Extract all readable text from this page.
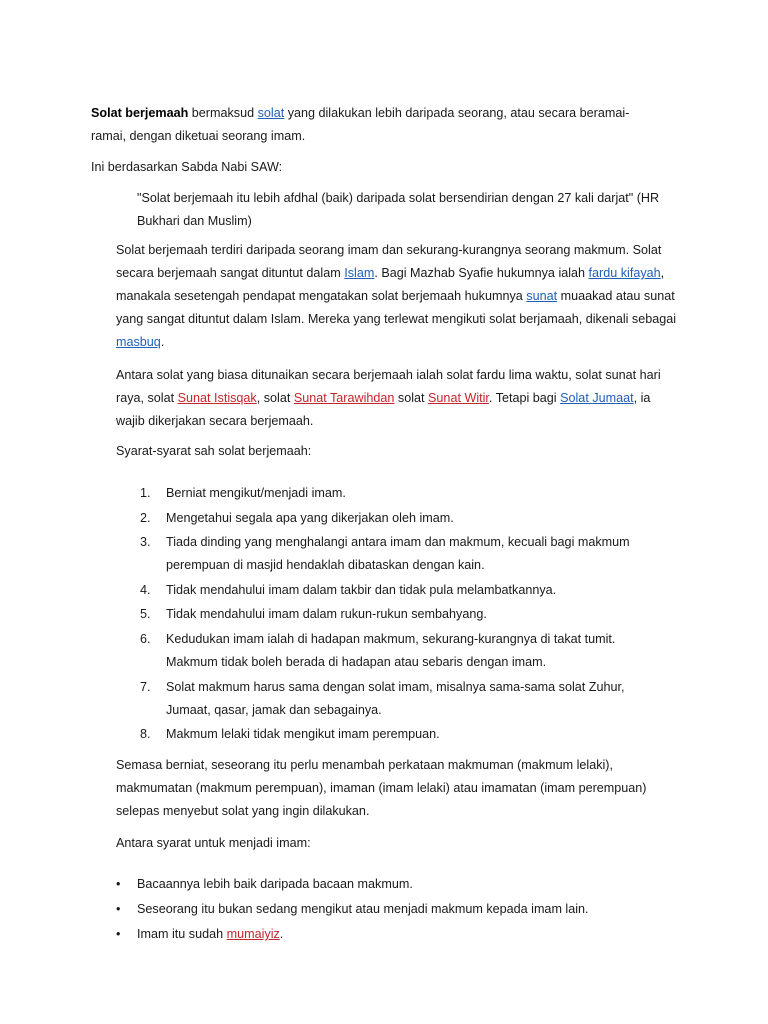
Solat berjemaah bermaksud solat yang dilakukan lebih daripada seorang, atau secara beramai-ramai, dengan diketuai seorang imam.

Ini berdasarkan Sabda Nabi SAW:

"Solat berjemaah itu lebih afdhal (baik) daripada solat bersendirian dengan 27 kali darjat" (HR Bukhari dan Muslim)

Solat berjemaah terdiri daripada seorang imam dan sekurang-kurangnya seorang makmum. Solat secara berjemaah sangat dituntut dalam Islam. Bagi Mazhab Syafie hukumnya ialah fardu kifayah, manakala sesetengah pendapat mengatakan solat berjemaah hukumnya sunat muaakad atau sunat yang sangat dituntut dalam Islam. Mereka yang terlewat mengikuti solat berjamaah, dikenali sebagai masbuq.

Antara solat yang biasa ditunaikan secara berjemaah ialah solat fardu lima waktu, solat sunat hari raya, solat Sunat Istisqak, solat Sunat Tarawihdan solat Sunat Witir. Tetapi bagi Solat Jumaat, ia wajib dikerjakan secara berjemaah.

Syarat-syarat sah solat berjemaah:

1. Berniat mengikut/menjadi imam.
2. Mengetahui segala apa yang dikerjakan oleh imam.
3. Tiada dinding yang menghalangi antara imam dan makmum, kecuali bagi makmum perempuan di masjid hendaklah dibataskan dengan kain.
4. Tidak mendahului imam dalam takbir dan tidak pula melambatkannya.
5. Tidak mendahului imam dalam rukun-rukun sembahyang.
6. Kedudukan imam ialah di hadapan makmum, sekurang-kurangnya di takat tumit. Makmum tidak boleh berada di hadapan atau sebaris dengan imam.
7. Solat makmum harus sama dengan solat imam, misalnya sama-sama solat Zuhur, Jumaat, qasar, jamak dan sebagainya.
8. Makmum lelaki tidak mengikut imam perempuan.

Semasa berniat, seseorang itu perlu menambah perkataan makmuman (makmum lelaki), makmumatan (makmum perempuan), imaman (imam lelaki) atau imamatan (imam perempuan) selepas menyebut solat yang ingin dilakukan.

Antara syarat untuk menjadi imam:

• Bacaannya lebih baik daripada bacaan makmum.
• Seseorang itu bukan sedang mengikut atau menjadi makmum kepada imam lain.
• Imam itu sudah mumaiyiz.
